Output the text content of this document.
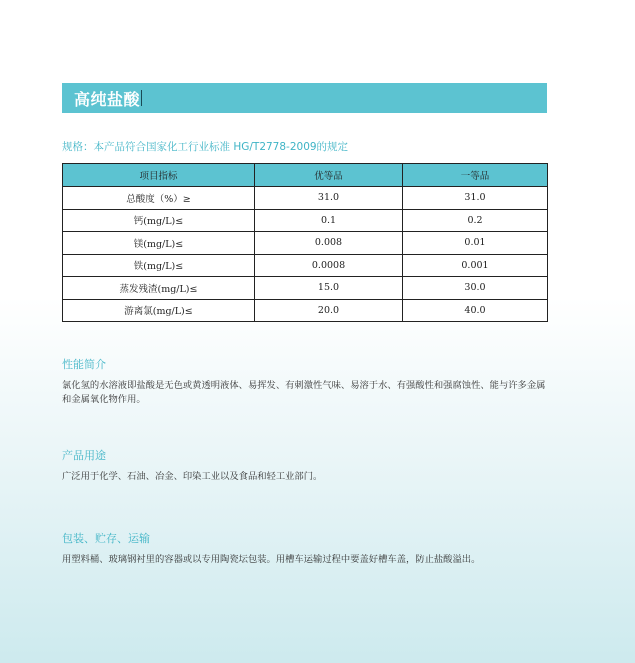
高纯盐酸
规格：本产品符合国家化工行业标准 HG/T2778-2009的规定
项目指标	优等品	一等品
总酸度（%）≥	31.0	31.0
钙(mg/L)≤	0.1	0.2
镁(mg/L)≤	0.008	0.01
铁(mg/L)≤	0.0008	0.001
蒸发残渣(mg/L)≤	15.0	30.0
游离氯(mg/L)≤	20.0	40.0
性能简介
氯化氢的水溶液即盐酸是无色或黄透明液体、易挥发、有刺激性气味、易溶于水、有强酸性和强腐蚀性、能与许多金属和金属氧化物作用。
产品用途
广泛用于化学、石油、冶金、印染工业以及食品和轻工业部门。
包装、贮存、运输
用塑料桶、玻璃钢衬里的容器或以专用陶瓷坛包装。用槽车运输过程中要盖好槽车盖，防止盐酸溢出。
